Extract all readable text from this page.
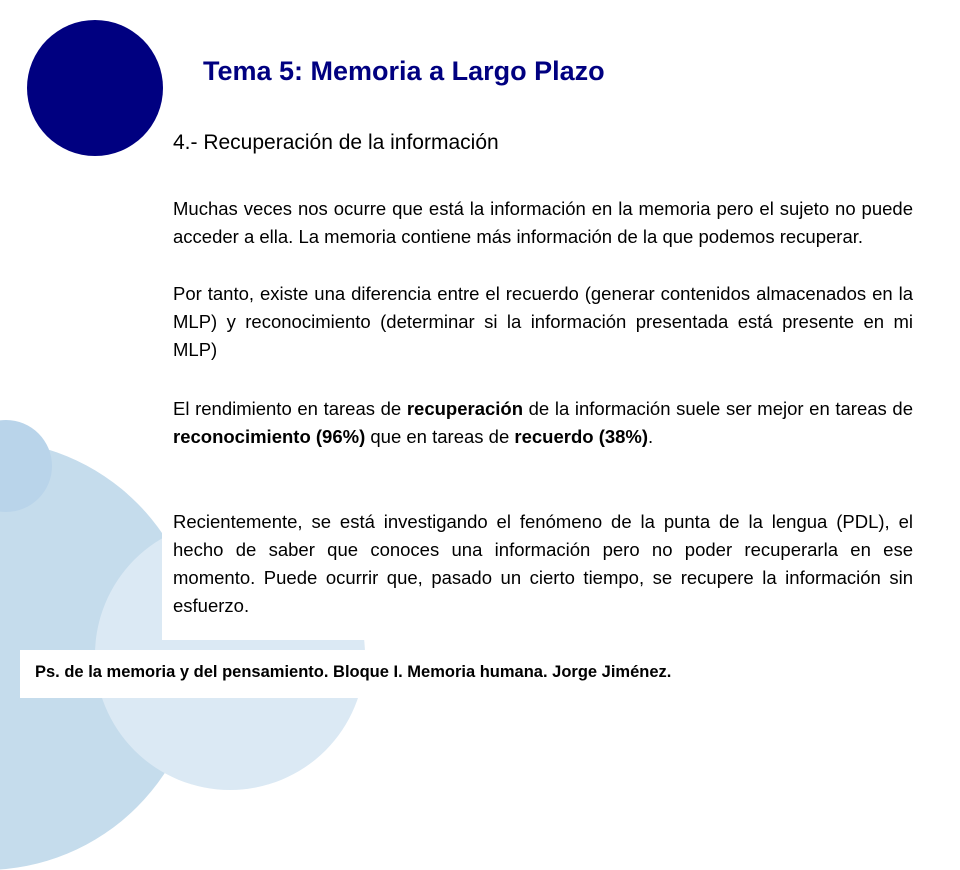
Tema 5: Memoria a Largo Plazo
4.- Recuperación de la información

Muchas veces nos ocurre que está la información en la memoria pero el sujeto no puede acceder a ella. La memoria contiene más información de la que podemos recuperar.

Por tanto, existe una diferencia entre el recuerdo (generar contenidos almacenados en la MLP) y reconocimiento (determinar si la información presentada está presente en mi MLP)

El rendimiento en tareas de recuperación de la información suele ser mejor en tareas de reconocimiento (96%) que en tareas de recuerdo (38%).

Recientemente, se está investigando el fenómeno de la punta de la lengua (PDL), el hecho de saber que conoces una información pero no poder recuperarla en ese momento. Puede ocurrir que, pasado un cierto tiempo, se recupere la información sin esfuerzo.

Ps. de la memoria y del pensamiento. Bloque I. Memoria humana. Jorge Jiménez.
